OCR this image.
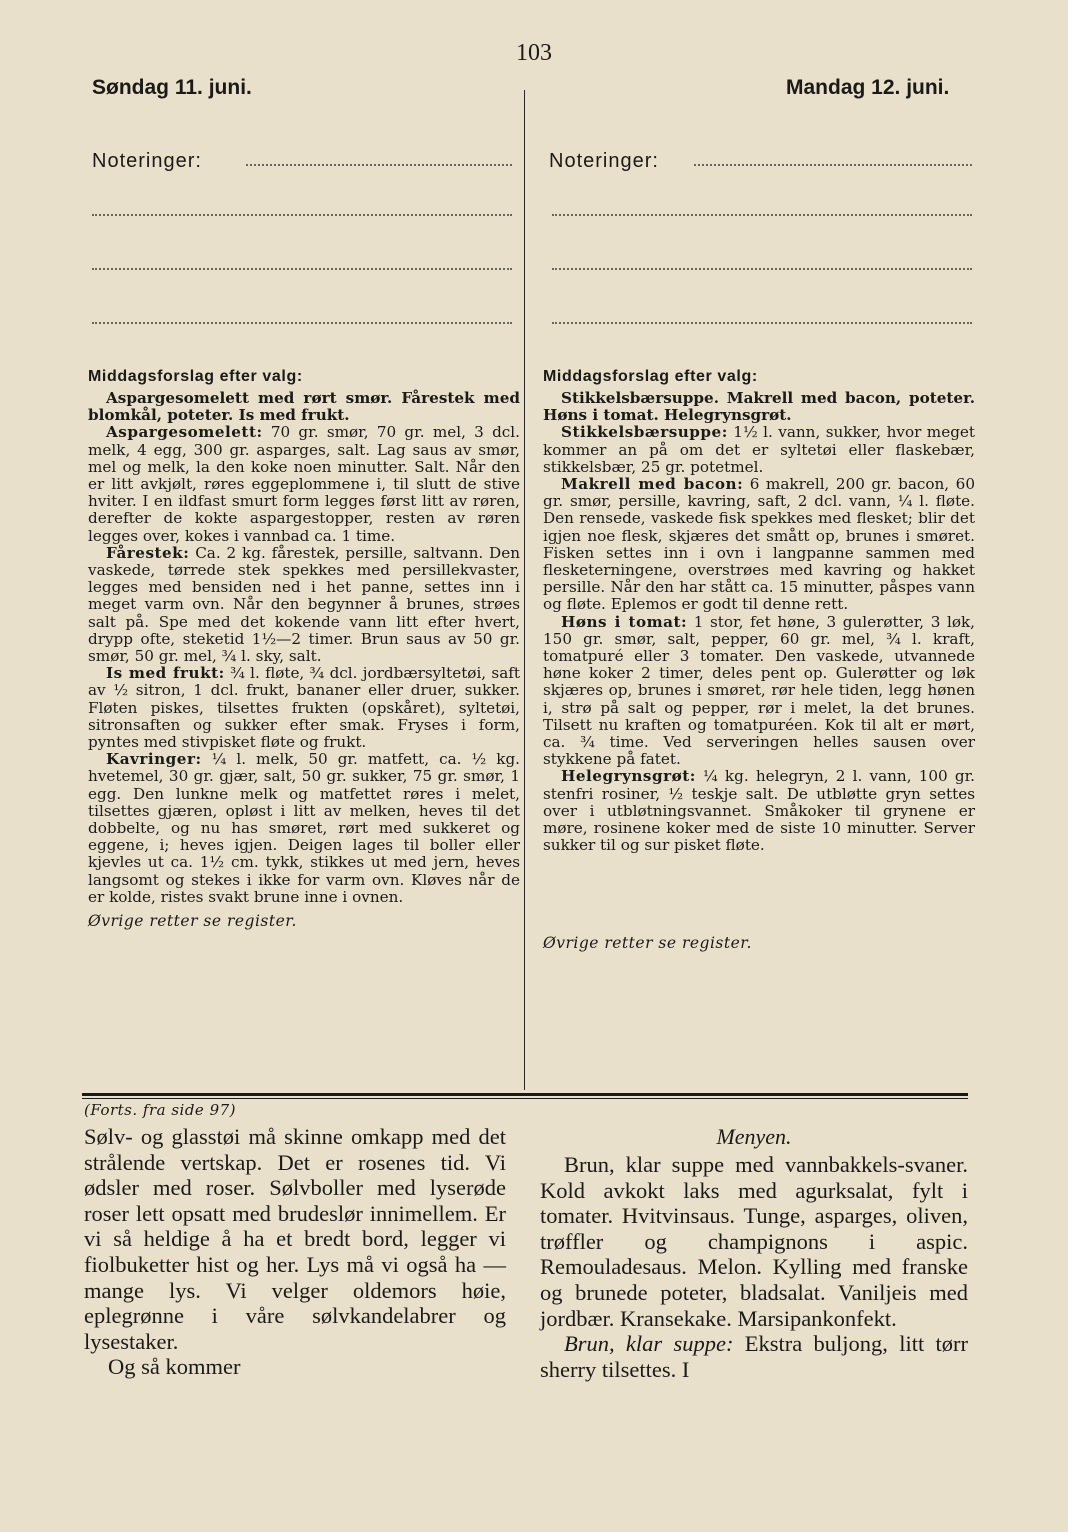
103
Søndag 11. juni.	Mandag 12. juni.
Noteringer:	Noteringer:
Middagsforslag efter valg:

Aspargesomelett med rørt smør. Fårestek med blomkål, poteter. Is med frukt.

Aspargesomelett: 70 gr. smør, 70 gr. mel, 3 dcl. melk, 4 egg, 300 gr. asparges, salt. Lag saus av smør, mel og melk, la den koke noen minutter. Salt. Når den er litt avkjølt, røres eggeplommene i, til slutt de stive hviter. I en ildfast smurt form legges først litt av røren, derefter de kokte aspargestopper, resten av røren legges over, kokes i vannbad ca. 1 time.

Fårestek: Ca. 2 kg. fårestek, persille, saltvann. Den vaskede, tørrede stek spekkes med persillekvaster, legges med bensiden ned i het panne, settes inn i meget varm ovn. Når den begynner å brunes, strøes salt på. Spe med det kokende vann litt efter hvert, drypp ofte, steketid 1½—2 timer. Brun saus av 50 gr. smør, 50 gr. mel, ¾ l. sky, salt.

Is med frukt: ¾ l. fløte, ¾ dcl. jordbærsyltetøi, saft av ½ sitron, 1 dcl. frukt, bananer eller druer, sukker. Fløten piskes, tilsettes frukten (opskåret), syltetøi, sitronsaften og sukker efter smak. Fryses i form, pyntes med stivpisket fløte og frukt.

Kavringer: ¼ l. melk, 50 gr. matfett, ca. ½ kg. hvetemel, 30 gr. gjær, salt, 50 gr. sukker, 75 gr. smør, 1 egg. Den lunkne melk og matfettet røres i melet, tilsettes gjæren, opløst i litt av melken, heves til det dobbelte, og nu has smøret, rørt med sukkeret og eggene, i; heves igjen. Deigen lages til boller eller kjevles ut ca. 1½ cm. tykk, stikkes ut med jern, heves langsomt og stekes i ikke for varm ovn. Kløves når de er kolde, ristes svakt brune inne i ovnen.

Øvrige retter se register.
Middagsforslag efter valg:

Stikkelsbærsuppe. Makrell med bacon, poteter. Høns i tomat. Helegrynsgrøt.

Stikkelsbærsuppe: 1½ l. vann, sukker, hvor meget kommer an på om det er syltetøi eller flaskebær, stikkelsbær, 25 gr. potetmel.

Makrell med bacon: 6 makrell, 200 gr. bacon, 60 gr. smør, persille, kavring, saft, 2 dcl. vann, ¼ l. fløte. Den rensede, vaskede fisk spekkes med flesket; blir det igjen noe flesk, skjæres det smått op, brunes i smøret. Fisken settes inn i ovn i langpanne sammen med flesketerningene, overstrøes med kavring og hakket persille. Når den har stått ca. 15 minutter, påspes vann og fløte. Eplemos er godt til denne rett.

Høns i tomat: 1 stor, fet høne, 3 gulerøtter, 3 løk, 150 gr. smør, salt, pepper, 60 gr. mel, ¾ l. kraft, tomatpuré eller 3 tomater. Den vaskede, utvannede høne koker 2 timer, deles pent op. Gulerøtter og løk skjæres op, brunes i smøret, rør hele tiden, legg hønen i, strø på salt og pepper, rør i melet, la det brunes. Tilsett nu kraften og tomatpuréen. Kok til alt er mørt, ca. ¾ time. Ved serveringen helles sausen over stykkene på fatet.

Helegrynsgrøt: ¼ kg. helegryn, 2 l. vann, 100 gr. stenfri rosiner, ½ teskje salt. De utbløtte gryn settes over i utbløtningsvannet. Småkoker til grynene er møre, rosinene koker med de siste 10 minutter. Server sukker til og sur pisket fløte.

Øvrige retter se register.
(Forts. fra side 97)

Sølv- og glasstøi må skinne omkapp med det strålende vertskap. Det er rosenes tid. Vi ødsler med roser. Sølvboller med lyserøde roser lett opsatt med brudeslør innimellem. Er vi så heldige å ha et bredt bord, legger vi fiolbuketter hist og her. Lys må vi også ha — mange lys. Vi velger oldemors høie, eplegrønne i våre sølvkandelabrer og lysestaker.

Og så kommer

Menyen.

Brun, klar suppe med vannbakkels-svaner. Kold avkokt laks med agurksalat, fylt i tomater. Hvitvinsaus. Tunge, asparges, oliven, trøffler og champignons i aspic. Remouladesaus. Melon. Kylling med franske og brunede poteter, bladsalat. Vaniljeis med jordbær. Kransekake. Marsipankonfekt.

Brun, klar suppe: Ekstra buljong, litt tørr sherry tilsettes. I
